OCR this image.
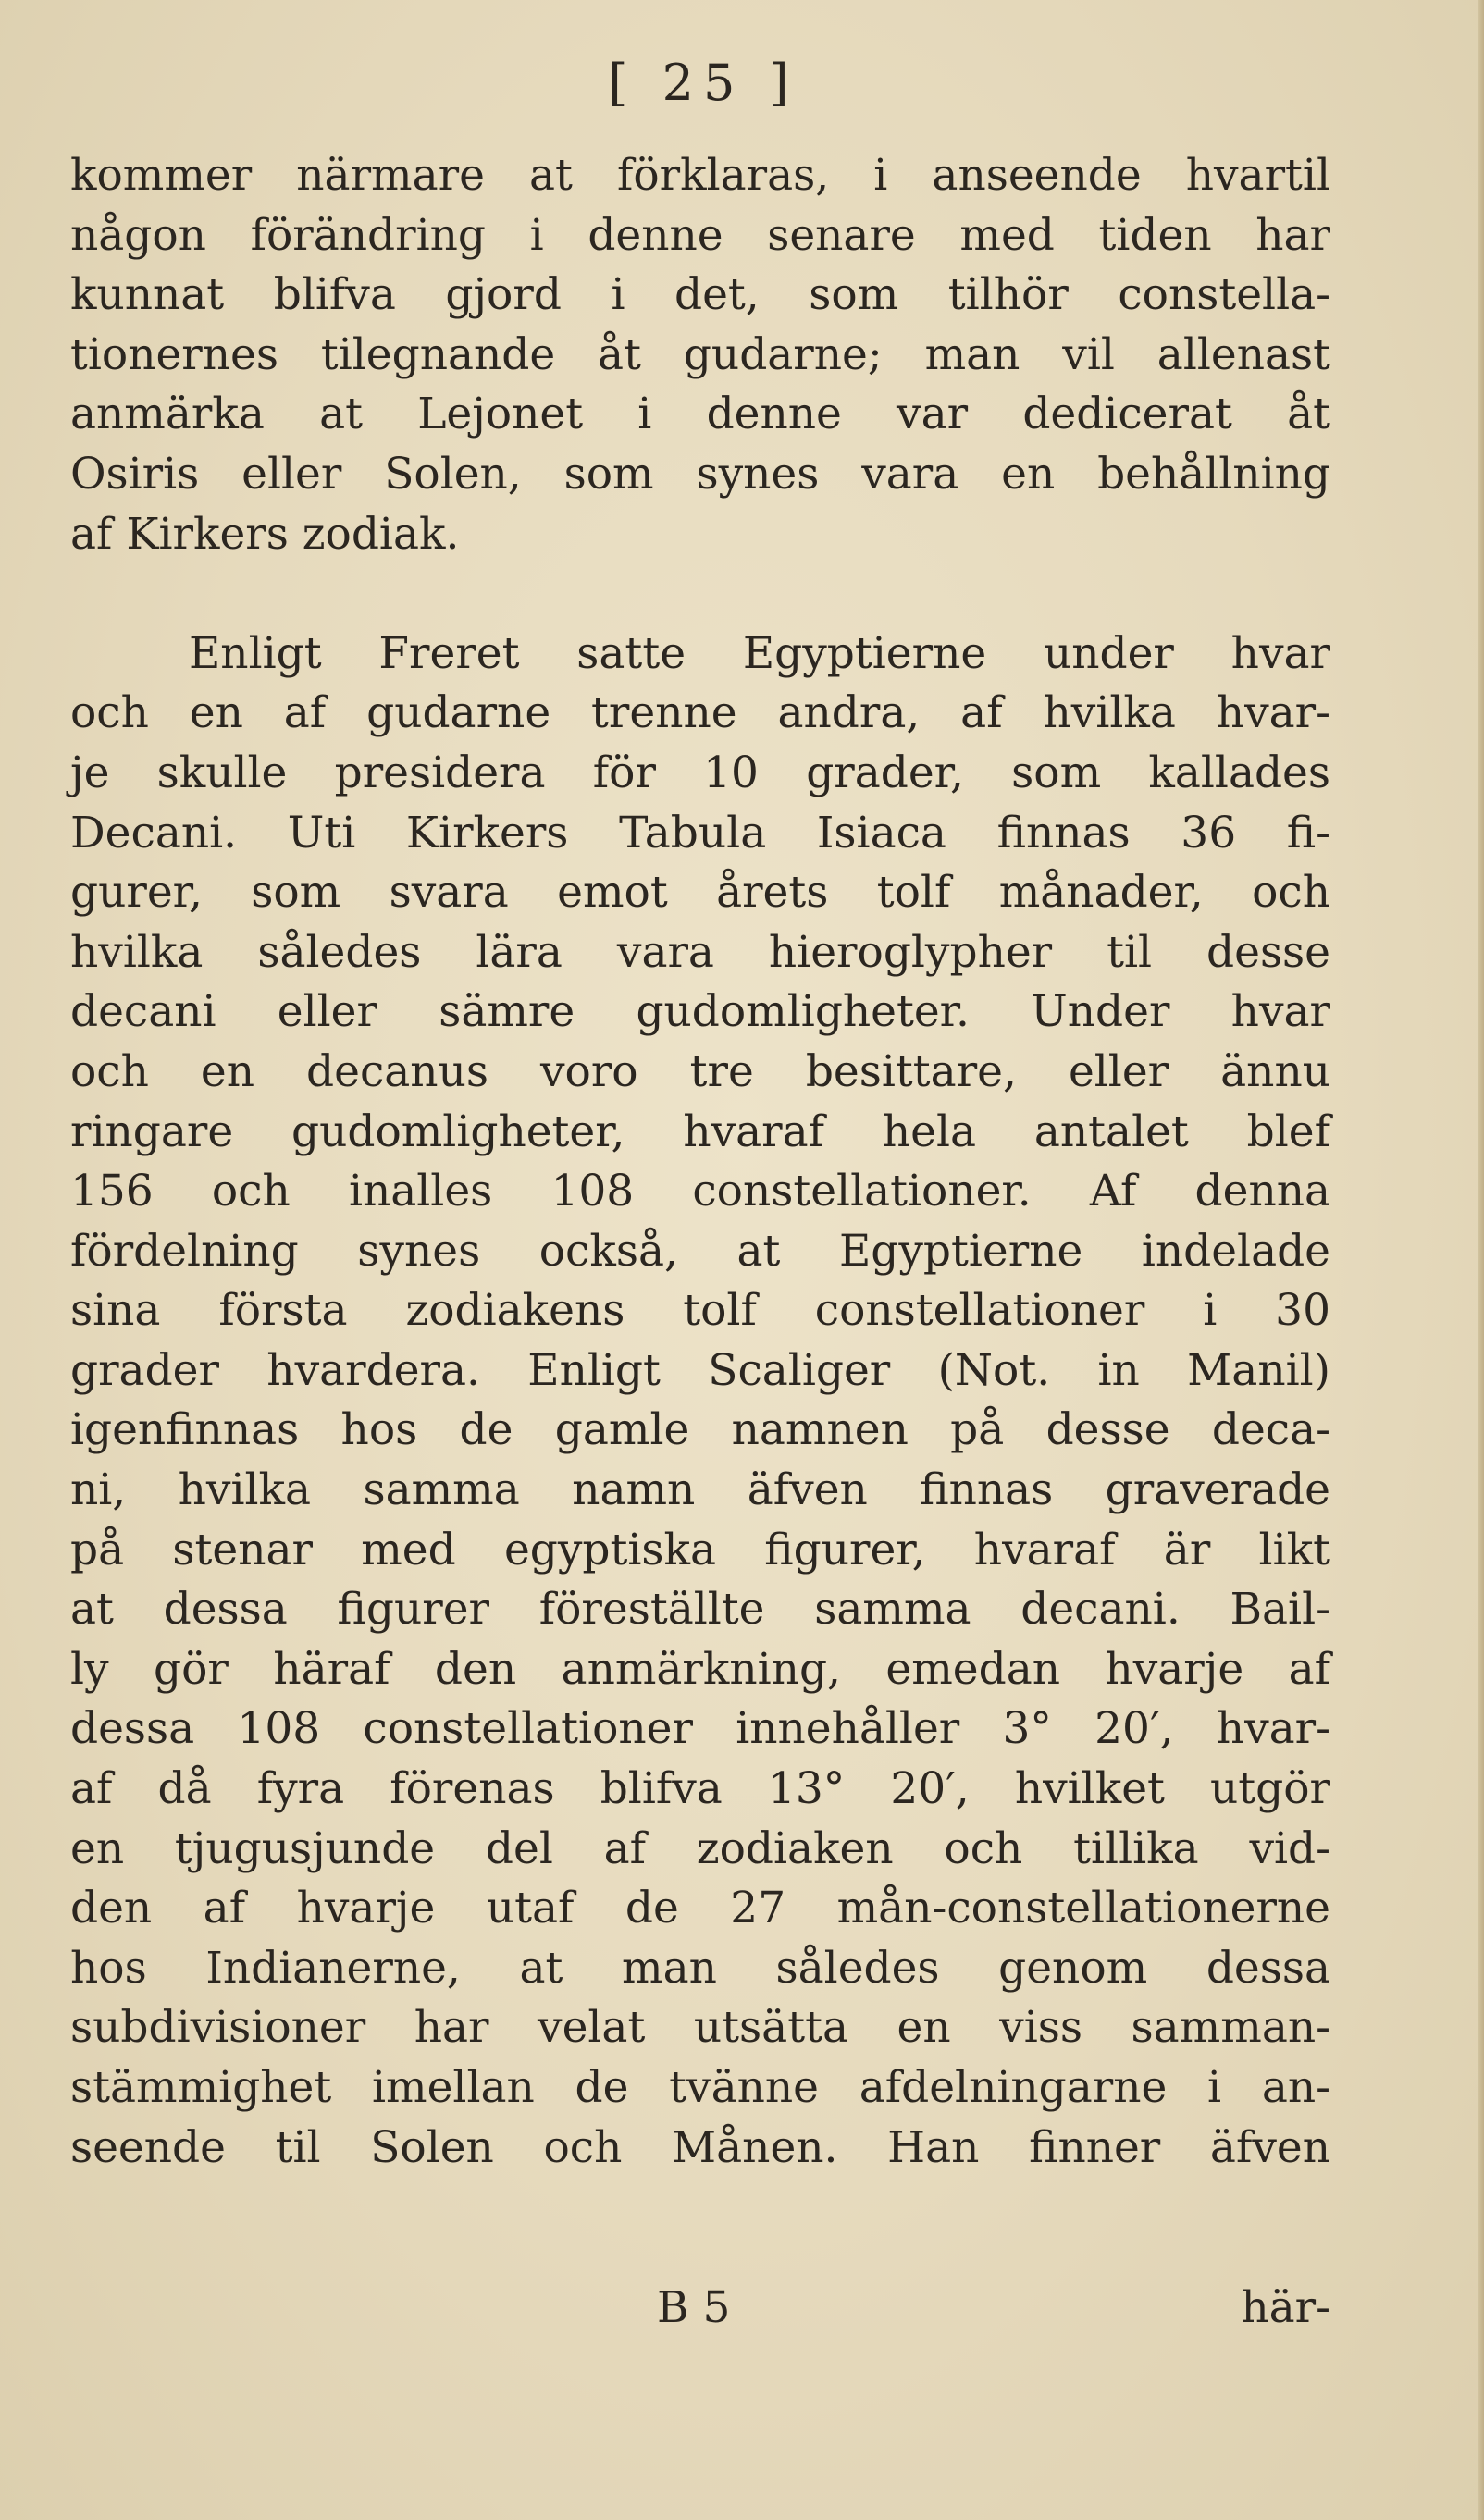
[ 25 ]
kommer närmare at förklaras, i anseende hvartil
någon förändring i denne senare med tiden har
kunnat blifva gjord i det, som tilhör constella-
tionernes tilegnande åt gudarne; man vil allenast
anmärka at Lejonet i denne var dedicerat åt
Osiris eller Solen, som synes vara en behållning
af Kirkers zodiak.
Enligt Freret satte Egyptierne under hvar
och en af gudarne trenne andra, af hvilka hvar-
je skulle presidera för 10 grader, som kallades
Decani. Uti Kirkers Tabula Isiaca finnas 36 fi-
gurer, som svara emot årets tolf månader, och
hvilka således lära vara hieroglypher til desse
decani eller sämre gudomligheter. Under hvar
och en decanus voro tre besittare, eller ännu
ringare gudomligheter, hvaraf hela antalet blef
156 och inalles 108 constellationer. Af denna
fördelning synes också, at Egyptierne indelade
sina första zodiakens tolf constellationer i 30
grader hvardera. Enligt Scaliger (Not. in Manil)
igenfinnas hos de gamle namnen på desse deca-
ni, hvilka samma namn äfven finnas graverade
på stenar med egyptiska figurer, hvaraf är likt
at dessa figurer föreställte samma decani. Bail-
ly gör häraf den anmärkning, emedan hvarje af
dessa 108 constellationer innehåller 3° 20′, hvar-
af då fyra förenas blifva 13° 20′, hvilket utgör
en tjugusjunde del af zodiaken och tillika vid-
den af hvarje utaf de 27 mån-constellationerne
hos Indianerne, at man således genom dessa
subdivisioner har velat utsätta en viss samman-
stämmighet imellan de tvänne afdelningarne i an-
seende til Solen och Månen. Han finner äfven
B 5	här-
